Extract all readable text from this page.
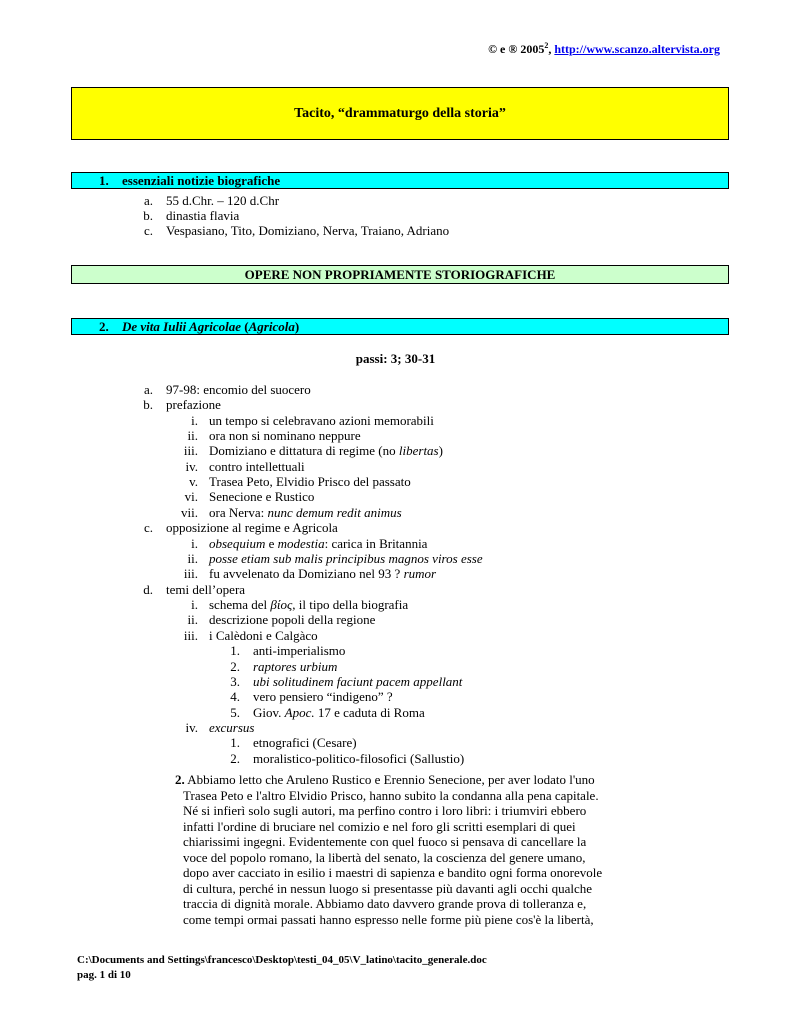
© e ® 2005$^2$, http://www.scanzo.altervista.org
Tacito, “drammaturgo della storia”
1. essenziali notizie biografiche
a. 55 d.Chr. – 120 d.Chr
b. dinastia flavia
c. Vespasiano, Tito, Domiziano, Nerva, Traiano, Adriano
OPERE NON PROPRIAMENTE STORIOGRAFICHE
2. De vita Iulii Agricolae (Agricola)
passi: 3; 30-31
a. 97-98: encomio del suocero
b. prefazione
i. un tempo si celebravano azioni memorabili
ii. ora non si nominano neppure
iii. Domiziano e dittatura di regime (no libertas)
iv. contro intellettuali
v. Trasea Peto, Elvidio Prisco del passato
vi. Senecione e Rustico
vii. ora Nerva: nunc demum redit animus
c. opposizione al regime e Agricola
i. obsequium e modestia: carica in Britannia
ii. posse etiam sub malis principibus magnos viros esse
iii. fu avvelenato da Domiziano nel 93 ? rumor
d. temi dell’opera
i. schema del βίος, il tipo della biografia
ii. descrizione popoli della regione
iii. i Calèdoni e Calgàco
1. anti-imperialismo
2. raptores urbium
3. ubi solitudinem faciunt pacem appellant
4. vero pensiero “indigeno” ?
5. Giov. Apoc. 17 e caduta di Roma
iv. excursus
1. etnografici (Cesare)
2. moralistico-politico-filosofici (Sallustio)
2. Abbiamo letto che Aruleno Rustico e Erennio Senecione, per aver lodato l'uno Trasea Peto e l'altro Elvidio Prisco, hanno subito la condanna alla pena capitale. Né si infierì solo sugli autori, ma perfino contro i loro libri: i triumviri ebbero infatti l'ordine di bruciare nel comizio e nel foro gli scritti esemplari di quei chiarissimi ingegni. Evidentemente con quel fuoco si pensava di cancellare la voce del popolo romano, la libertà del senato, la coscienza del genere umano, dopo aver cacciato in esilio i maestri di sapienza e bandito ogni forma onorevole di cultura, perché in nessun luogo si presentasse più davanti agli occhi qualche traccia di dignità morale. Abbiamo dato davvero grande prova di tolleranza e, come tempi ormai passati hanno espresso nelle forme più piene cos'è la libertà,
C:\Documents and Settings\francesco\Desktop\testi_04_05\V_latino\tacito_generale.doc
pag. 1 di 10
